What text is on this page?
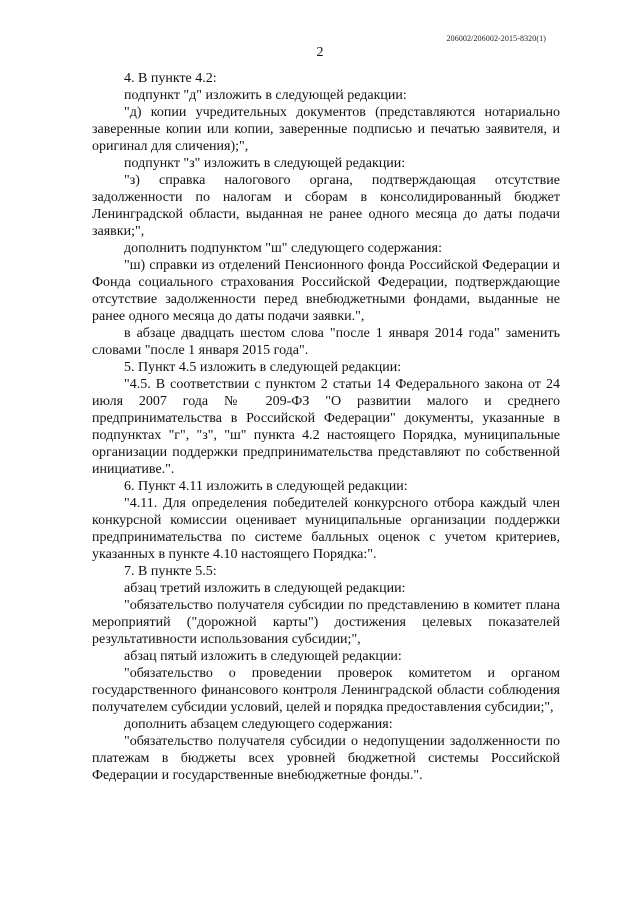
206002/206002-2015-8320(1)
2

4. В пункте 4.2:

подпункт "д" изложить в следующей редакции:

"д) копии учредительных документов (представляются нотариально заверенные копии или копии, заверенные подписью и печатью заявителя, и оригинал для сличения);",

подпункт "з" изложить в следующей редакции:

"з) справка налогового органа, подтверждающая отсутствие задолженности по налогам и сборам в консолидированный бюджет Ленинградской области, выданная не ранее одного месяца до даты подачи заявки;",

дополнить подпунктом "ш" следующего содержания:

"ш) справки из отделений Пенсионного фонда Российской Федерации и Фонда социального страхования Российской Федерации, подтверждающие отсутствие задолженности перед внебюджетными фондами, выданные не ранее одного месяца до даты подачи заявки.",

в абзаце двадцать шестом слова "после 1 января 2014 года" заменить словами "после 1 января 2015 года".

5. Пункт 4.5 изложить в следующей редакции:

"4.5. В соответствии с пунктом 2 статьи 14 Федерального закона от 24 июля 2007 года № 209-ФЗ "О развитии малого и среднего предпринимательства в Российской Федерации" документы, указанные в подпунктах "г", "з", "ш" пункта 4.2 настоящего Порядка, муниципальные организации поддержки предпринимательства представляют по собственной инициативе.".

6. Пункт 4.11 изложить в следующей редакции:

"4.11. Для определения победителей конкурсного отбора каждый член конкурсной комиссии оценивает муниципальные организации поддержки предпринимательства по системе балльных оценок с учетом критериев, указанных в пункте 4.10 настоящего Порядка:".

7. В пункте 5.5:

абзац третий изложить в следующей редакции:

"обязательство получателя субсидии по представлению в комитет плана мероприятий ("дорожной карты") достижения целевых показателей результативности использования субсидии;",

абзац пятый изложить в следующей редакции:

"обязательство о проведении проверок комитетом и органом государственного финансового контроля Ленинградской области соблюдения получателем субсидии условий, целей и порядка предоставления субсидии;",

дополнить абзацем следующего содержания:

"обязательство получателя субсидии о недопущении задолженности по платежам в бюджеты всех уровней бюджетной системы Российской Федерации и государственные внебюджетные фонды.".
